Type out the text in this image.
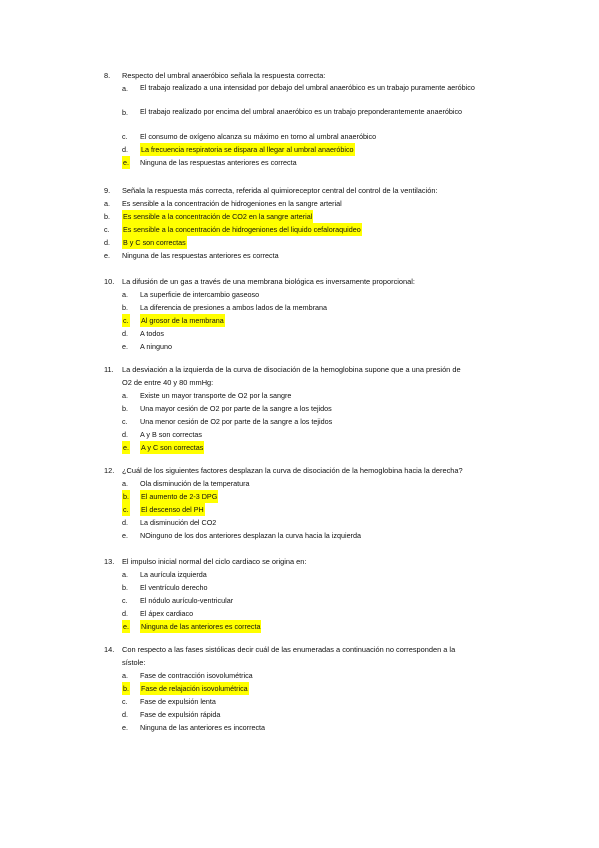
8.	Respecto del umbral anaeróbico señala la respuesta correcta:
a. El trabajo realizado a una intensidad por debajo del umbral anaeróbico es un trabajo puramente aeróbico
b. El trabajo realizado por encima del umbral anaeróbico es un trabajo preponderantemente anaeróbico
c. El consumo de oxígeno alcanza su máximo en torno al umbral anaeróbico
d. La frecuencia respiratoria se dispara al llegar al umbral anaeróbico
e. Ninguna de las respuestas anteriores es correcta
9.	Señala la respuesta más correcta, referida al quimioreceptor central del control de la ventilación:
a. Es sensible a la concentración de hidrogeniones en la sangre arterial
b. Es sensible a la concentración de CO2 en la sangre arterial
c. Es sensible a la concentración de hidrogeniones del liquido cefaloraquideo
d. B y C son correctas
e. Ninguna de las respuestas anteriores es correcta
10.	La difusión de un gas a través de una membrana biológica es inversamente proporcional:
a. La superficie de intercambio gaseoso
b. La diferencia de presiones a ambos lados de la membrana
c. Al grosor de la membrana
d. A todos
e. A ninguno
11.	La desviación a la izquierda de la curva de disociación de la hemoglobina supone que a una presión de
O2 de entre 40 y 80 mmHg:
a. Existe un mayor transporte de O2 por la sangre
b. Una mayor cesión de O2 por parte de la sangre a los tejidos
c. Una menor cesión de O2 por parte de la sangre a los tejidos
d. A y B son correctas
e. A y C son correctas
12.	¿Cuál de los siguientes factores desplazan la curva de disociación de la hemoglobina hacia la derecha?
a. Ola disminución de la temperatura
b. El aumento de 2-3 DPG
c. El descenso del PH
d. La disminución del CO2
e. NOinguno de los dos anteriores desplazan la curva hacia la izquierda
13.	El impulso inicial normal del ciclo cardiaco se origina en:
a. La aurícula izquierda
b. El ventrículo derecho
c. El nódulo aurículo-ventricular
d. El ápex cardiaco
e. Ninguna de las anteriores es correcta
14.	Con respecto a las fases sistólicas decir cuál de las enumeradas a continuación no corresponden a la
sístole:
a. Fase de contracción isovolumétrica
b. Fase de relajación isovolumétrica
c. Fase de expulsión lenta
d. Fase de expulsión rápida
e. Ninguna de las anteriores es incorrecta
